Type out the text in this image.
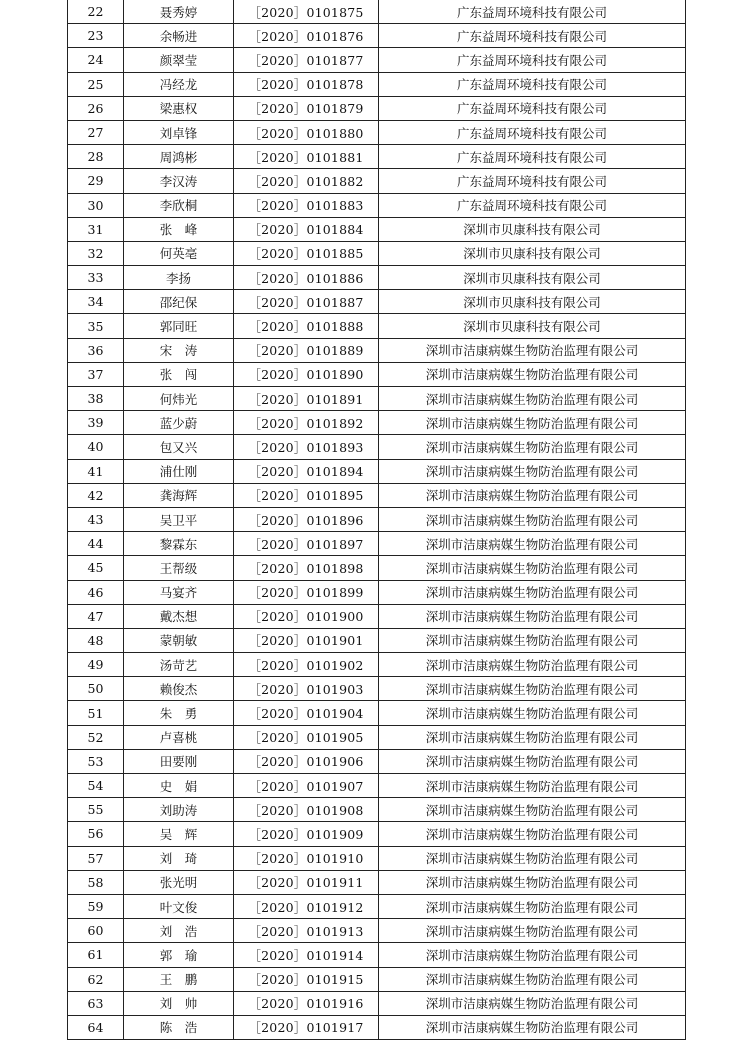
22	聂秀婷	［2020］0101875	广东益周环境科技有限公司
23	余畅进	［2020］0101876	广东益周环境科技有限公司
24	颜翠莹	［2020］0101877	广东益周环境科技有限公司
25	冯经龙	［2020］0101878	广东益周环境科技有限公司
26	梁惠权	［2020］0101879	广东益周环境科技有限公司
27	刘卓锋	［2020］0101880	广东益周环境科技有限公司
28	周鸿彬	［2020］0101881	广东益周环境科技有限公司
29	李汉涛	［2020］0101882	广东益周环境科技有限公司
30	李欣桐	［2020］0101883	广东益周环境科技有限公司
31	张　峰	［2020］0101884	深圳市贝康科技有限公司
32	何英亳	［2020］0101885	深圳市贝康科技有限公司
33	李扬	［2020］0101886	深圳市贝康科技有限公司
34	邵纪保	［2020］0101887	深圳市贝康科技有限公司
35	郭同旺	［2020］0101888	深圳市贝康科技有限公司
36	宋　涛	［2020］0101889	深圳市洁康病媒生物防治监理有限公司
37	张　闯	［2020］0101890	深圳市洁康病媒生物防治监理有限公司
38	何炜光	［2020］0101891	深圳市洁康病媒生物防治监理有限公司
39	蓝少蔚	［2020］0101892	深圳市洁康病媒生物防治监理有限公司
40	包又兴	［2020］0101893	深圳市洁康病媒生物防治监理有限公司
41	浦仕刚	［2020］0101894	深圳市洁康病媒生物防治监理有限公司
42	龚海辉	［2020］0101895	深圳市洁康病媒生物防治监理有限公司
43	吴卫平	［2020］0101896	深圳市洁康病媒生物防治监理有限公司
44	黎霖东	［2020］0101897	深圳市洁康病媒生物防治监理有限公司
45	王帮级	［2020］0101898	深圳市洁康病媒生物防治监理有限公司
46	马宴齐	［2020］0101899	深圳市洁康病媒生物防治监理有限公司
47	戴杰想	［2020］0101900	深圳市洁康病媒生物防治监理有限公司
48	蒙朝敏	［2020］0101901	深圳市洁康病媒生物防治监理有限公司
49	汤苛艺	［2020］0101902	深圳市洁康病媒生物防治监理有限公司
50	赖俊杰	［2020］0101903	深圳市洁康病媒生物防治监理有限公司
51	朱　勇	［2020］0101904	深圳市洁康病媒生物防治监理有限公司
52	卢喜桃	［2020］0101905	深圳市洁康病媒生物防治监理有限公司
53	田要刚	［2020］0101906	深圳市洁康病媒生物防治监理有限公司
54	史　娟	［2020］0101907	深圳市洁康病媒生物防治监理有限公司
55	刘助涛	［2020］0101908	深圳市洁康病媒生物防治监理有限公司
56	吴　辉	［2020］0101909	深圳市洁康病媒生物防治监理有限公司
57	刘　琦	［2020］0101910	深圳市洁康病媒生物防治监理有限公司
58	张光明	［2020］0101911	深圳市洁康病媒生物防治监理有限公司
59	叶文俊	［2020］0101912	深圳市洁康病媒生物防治监理有限公司
60	刘　浩	［2020］0101913	深圳市洁康病媒生物防治监理有限公司
61	郭　瑜	［2020］0101914	深圳市洁康病媒生物防治监理有限公司
62	王　鹏	［2020］0101915	深圳市洁康病媒生物防治监理有限公司
63	刘　帅	［2020］0101916	深圳市洁康病媒生物防治监理有限公司
64	陈　浩	［2020］0101917	深圳市洁康病媒生物防治监理有限公司
